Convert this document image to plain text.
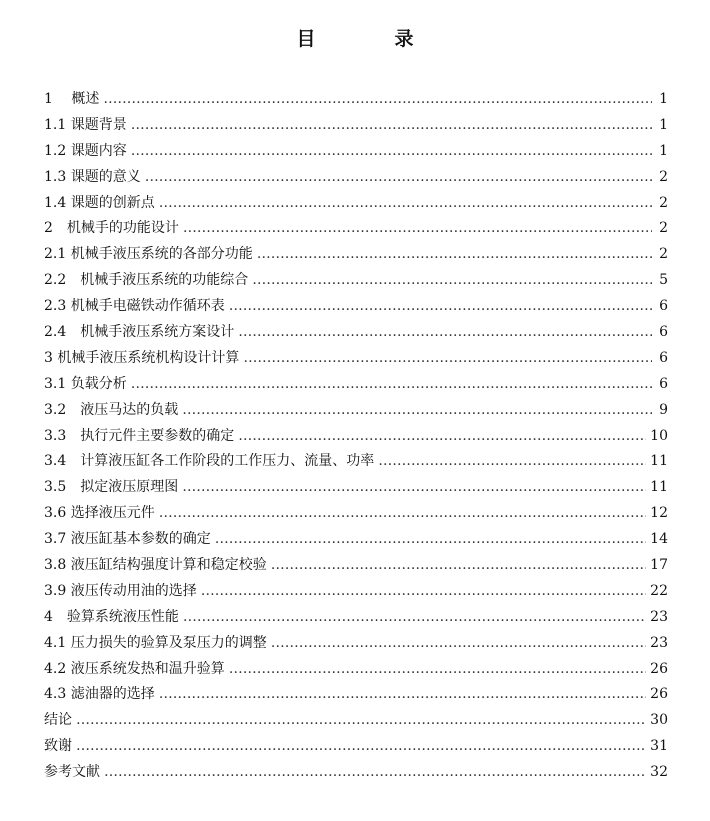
目　录
1　 概述 ……………………………………………………………………………………………………………………………………………………………………	1
1.1 课题背景 ……………………………………………………………………………………………………………………………………………………………………	1
1.2 课题内容 ……………………………………………………………………………………………………………………………………………………………………	1
1.3 课题的意义 ……………………………………………………………………………………………………………………………………………………………………	2
1.4 课题的创新点 ……………………………………………………………………………………………………………………………………………………………………	2
2　机械手的功能设计 ……………………………………………………………………………………………………………………………………………………………………	2
2.1 机械手液压系统的各部分功能 ……………………………………………………………………………………………………………………………………………………………………	2
2.2　机械手液压系统的功能综合 ……………………………………………………………………………………………………………………………………………………………………	5
2.3 机械手电磁铁动作循环表 ……………………………………………………………………………………………………………………………………………………………………	6
2.4　机械手液压系统方案设计 ……………………………………………………………………………………………………………………………………………………………………	6
3 机械手液压系统机构设计计算 ……………………………………………………………………………………………………………………………………………………………………	6
3.1 负载分析 ……………………………………………………………………………………………………………………………………………………………………	6
3.2　液压马达的负载 ……………………………………………………………………………………………………………………………………………………………………	9
3.3　执行元件主要参数的确定 ……………………………………………………………………………………………………………………………………………………………………	10
3.4　计算液压缸各工作阶段的工作压力、流量、功率 ……………………………………………………………………………………………………………………………………………………………………	11
3.5　拟定液压原理图 ……………………………………………………………………………………………………………………………………………………………………	11
3.6 选择液压元件 ……………………………………………………………………………………………………………………………………………………………………	12
3.7 液压缸基本参数的确定 ……………………………………………………………………………………………………………………………………………………………………	14
3.8 液压缸结构强度计算和稳定校验 ……………………………………………………………………………………………………………………………………………………………………	17
3.9 液压传动用油的选择 ……………………………………………………………………………………………………………………………………………………………………	22
4　验算系统液压性能 ……………………………………………………………………………………………………………………………………………………………………	23
4.1 压力损失的验算及泵压力的调整 ……………………………………………………………………………………………………………………………………………………………………	23
4.2 液压系统发热和温升验算 ……………………………………………………………………………………………………………………………………………………………………	26
4.3 滤油器的选择 ……………………………………………………………………………………………………………………………………………………………………	26
结论 ……………………………………………………………………………………………………………………………………………………………………	30
致谢 ……………………………………………………………………………………………………………………………………………………………………	31
参考文献 ……………………………………………………………………………………………………………………………………………………………………	32
